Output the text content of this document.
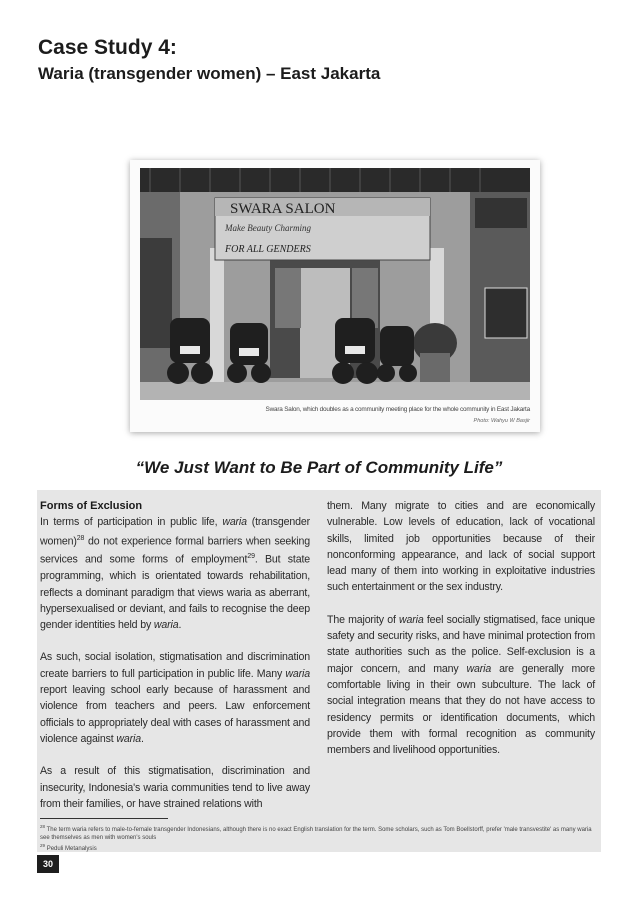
Case Study 4:
Waria (transgender women) – East Jakarta
SWARA SALON
Make Beauty Charming
FOR ALL GENDERS
Swara Salon, which doubles as a community meeting place for the whole community in East Jakarta
Photo: Wahyu W Basjir
“We Just Want to Be Part of Community Life”
Forms of Exclusion

In terms of participation in public life, waria (transgender women)$^{28}$ do not experience formal barriers when seeking services and some forms of employment$^{29}$. But state programming, which is orientated towards rehabilitation, reflects a dominant paradigm that views waria as aberrant, hypersexualised or deviant, and fails to recognise the deep gender identities held by waria.

As such, social isolation, stigmatisation and discrimination create barriers to full participation in public life. Many waria report leaving school early because of harassment and violence from teachers and peers. Law enforcement officials to appropriately deal with cases of harassment and violence against waria.

As a result of this stigmatisation, discrimination and insecurity, Indonesia's waria communities tend to live away from their families, or have strained relations with

them. Many migrate to cities and are economically vulnerable. Low levels of education, lack of vocational skills, limited job opportunities because of their nonconforming appearance, and lack of social support lead many of them into working in exploitative industries such entertainment or the sex industry.

The majority of waria feel socially stigmatised, face unique safety and security risks, and have minimal protection from state authorities such as the police. Self-exclusion is a major concern, and many waria are generally more comfortable living in their own subculture. The lack of social integration means that they do not have access to residency permits or identification documents, which provide them with formal recognition as community members and livelihood opportunities.

$^{28}$ The term waria refers to male-to-female transgender Indonesians, although there is no exact English translation for the term. Some scholars, such as Tom Boellstorff, prefer 'male transvestite' as many waria see themselves as men with women's souls
$^{29}$ Peduli Metanalysis
30
